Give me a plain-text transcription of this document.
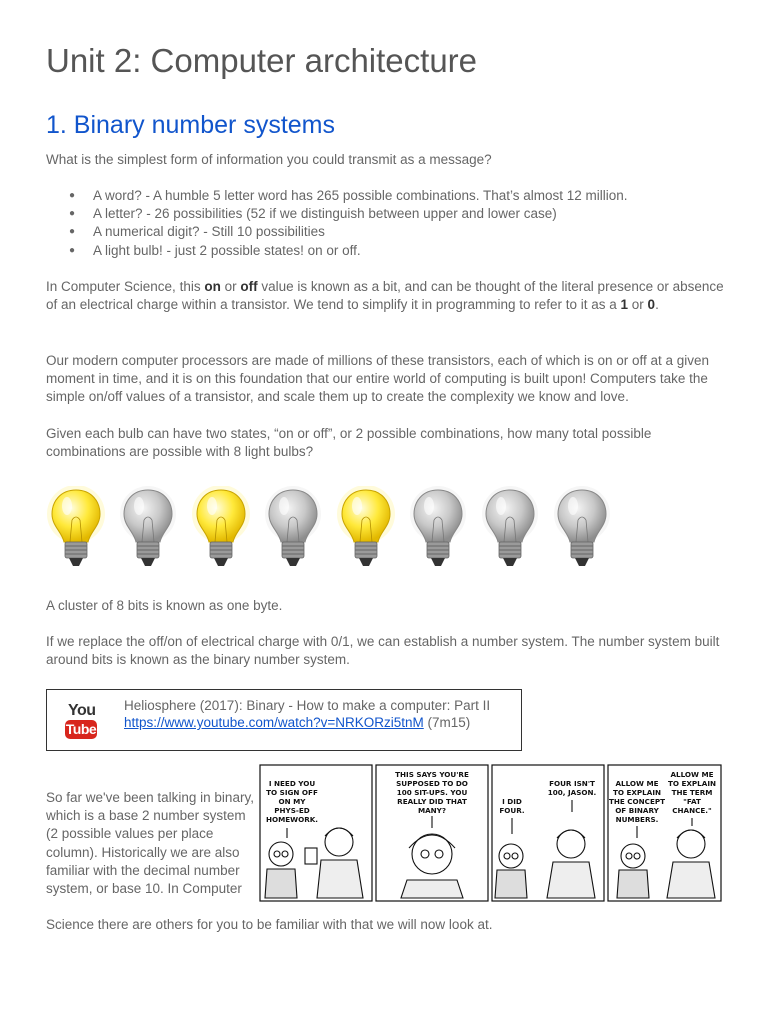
Unit 2: Computer architecture
1. Binary number systems
What is the simplest form of information you could transmit as a message?
● A word? - A humble 5 letter word has 265 possible combinations. That’s almost 12 million.
● A letter? - 26 possibilities (52 if we distinguish between upper and lower case)
● A numerical digit? - Still 10 possibilities
● A light bulb! - just 2 possible states! on or off.
In Computer Science, this on or off value is known as a bit, and can be thought of the literal presence or absence of an electrical charge within a transistor. We tend to simplify it in programming to refer to it as a 1 or 0.
Our modern computer processors are made of millions of these transistors, each of which is on or off at a given moment in time, and it is on this foundation that our entire world of computing is built upon! Computers take the simple on/off values of a transistor, and scale them up to create the complexity we know and love.
Given each bulb can have two states, “on or off”, or 2 possible combinations, how many total possible combinations are possible with 8 light bulbs?
A cluster of 8 bits is known as one byte.
If we replace the off/on of electrical charge with 0/1, we can establish a number system. The number system built around bits is known as the binary number system.
You
Tube
Heliosphere (2017): Binary - How to make a computer: Part II
https://www.youtube.com/watch?v=NRKORzi5tnM (7m15)
So far we've been talking in binary, which is a base 2 number system (2 possible values per place column). Historically we are also familiar with the decimal number system, or base 10. In Computer
I NEED YOU
TO SIGN OFF
ON MY
PHYS-ED
HOMEWORK.
THIS SAYS YOU'RE
SUPPOSED TO DO
100 SIT-UPS. YOU
REALLY DID THAT
MANY?
I DID
FOUR.
FOUR ISN'T
100, JASON.
ALLOW ME
TO EXPLAIN
THE CONCEPT
OF BINARY
NUMBERS.
ALLOW ME
TO EXPLAIN
THE TERM
"FAT
CHANCE."
Science there are others for you to be familiar with that we will now look at.
